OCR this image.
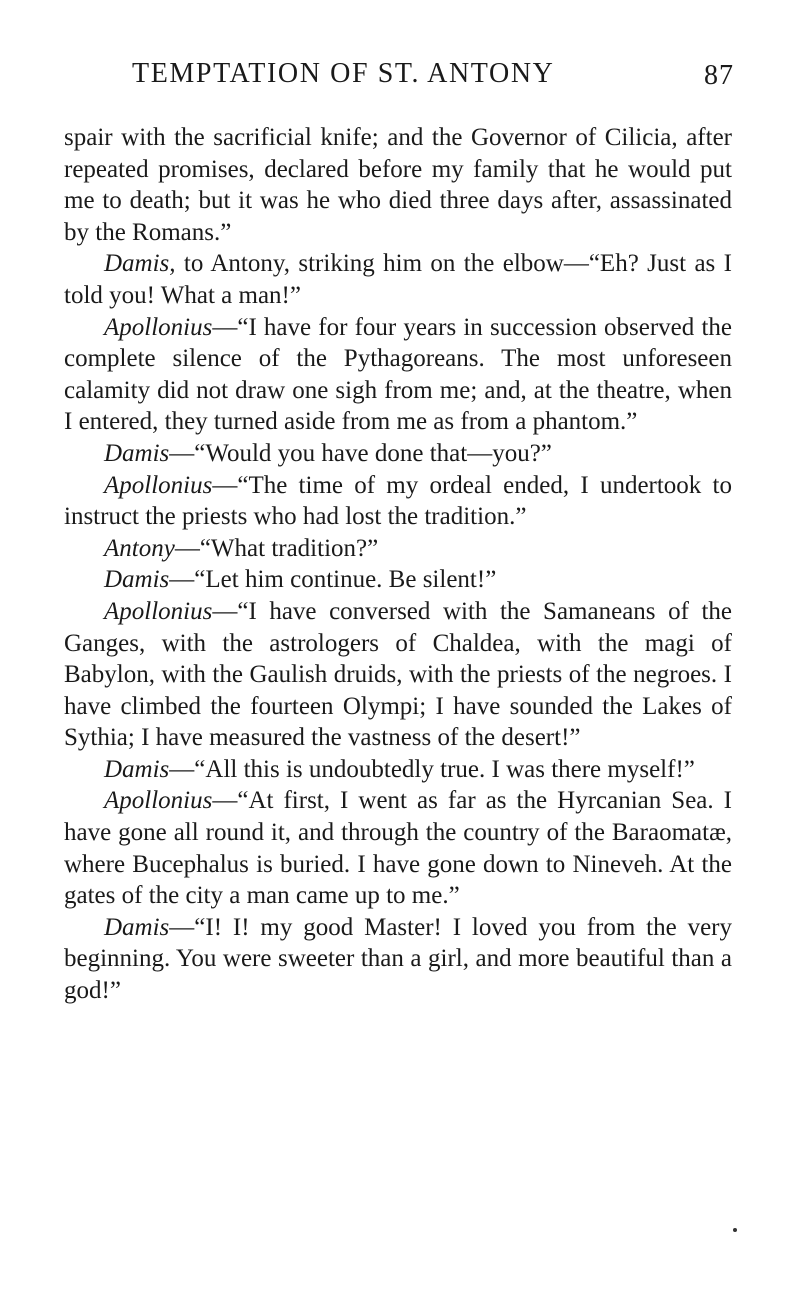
TEMPTATION OF ST. ANTONY	87

spair with the sacrificial knife; and the Governor of Cilicia, after repeated promises, declared before my family that he would put me to death; but it was he who died three days after, assassinated by the Romans.”

Damis, to Antony, striking him on the elbow—“Eh? Just as I told you! What a man!”

Apollonius—“I have for four years in succession observed the complete silence of the Pythagoreans. The most unforeseen calamity did not draw one sigh from me; and, at the theatre, when I entered, they turned aside from me as from a phantom.”

Damis—“Would you have done that—you?”

Apollonius—“The time of my ordeal ended, I undertook to instruct the priests who had lost the tradition.”

Antony—“What tradition?”

Damis—“Let him continue. Be silent!”

Apollonius—“I have conversed with the Samaneans of the Ganges, with the astrologers of Chaldea, with the magi of Babylon, with the Gaulish druids, with the priests of the negroes. I have climbed the fourteen Olympi; I have sounded the Lakes of Sythia; I have measured the vastness of the desert!”

Damis—“All this is undoubtedly true. I was there myself!”

Apollonius—“At first, I went as far as the Hyrcanian Sea. I have gone all round it, and through the country of the Baraomatæ, where Bucephalus is buried. I have gone down to Nineveh. At the gates of the city a man came up to me.”

Damis—“I! I! my good Master! I loved you from the very beginning. You were sweeter than a girl, and more beautiful than a god!”
